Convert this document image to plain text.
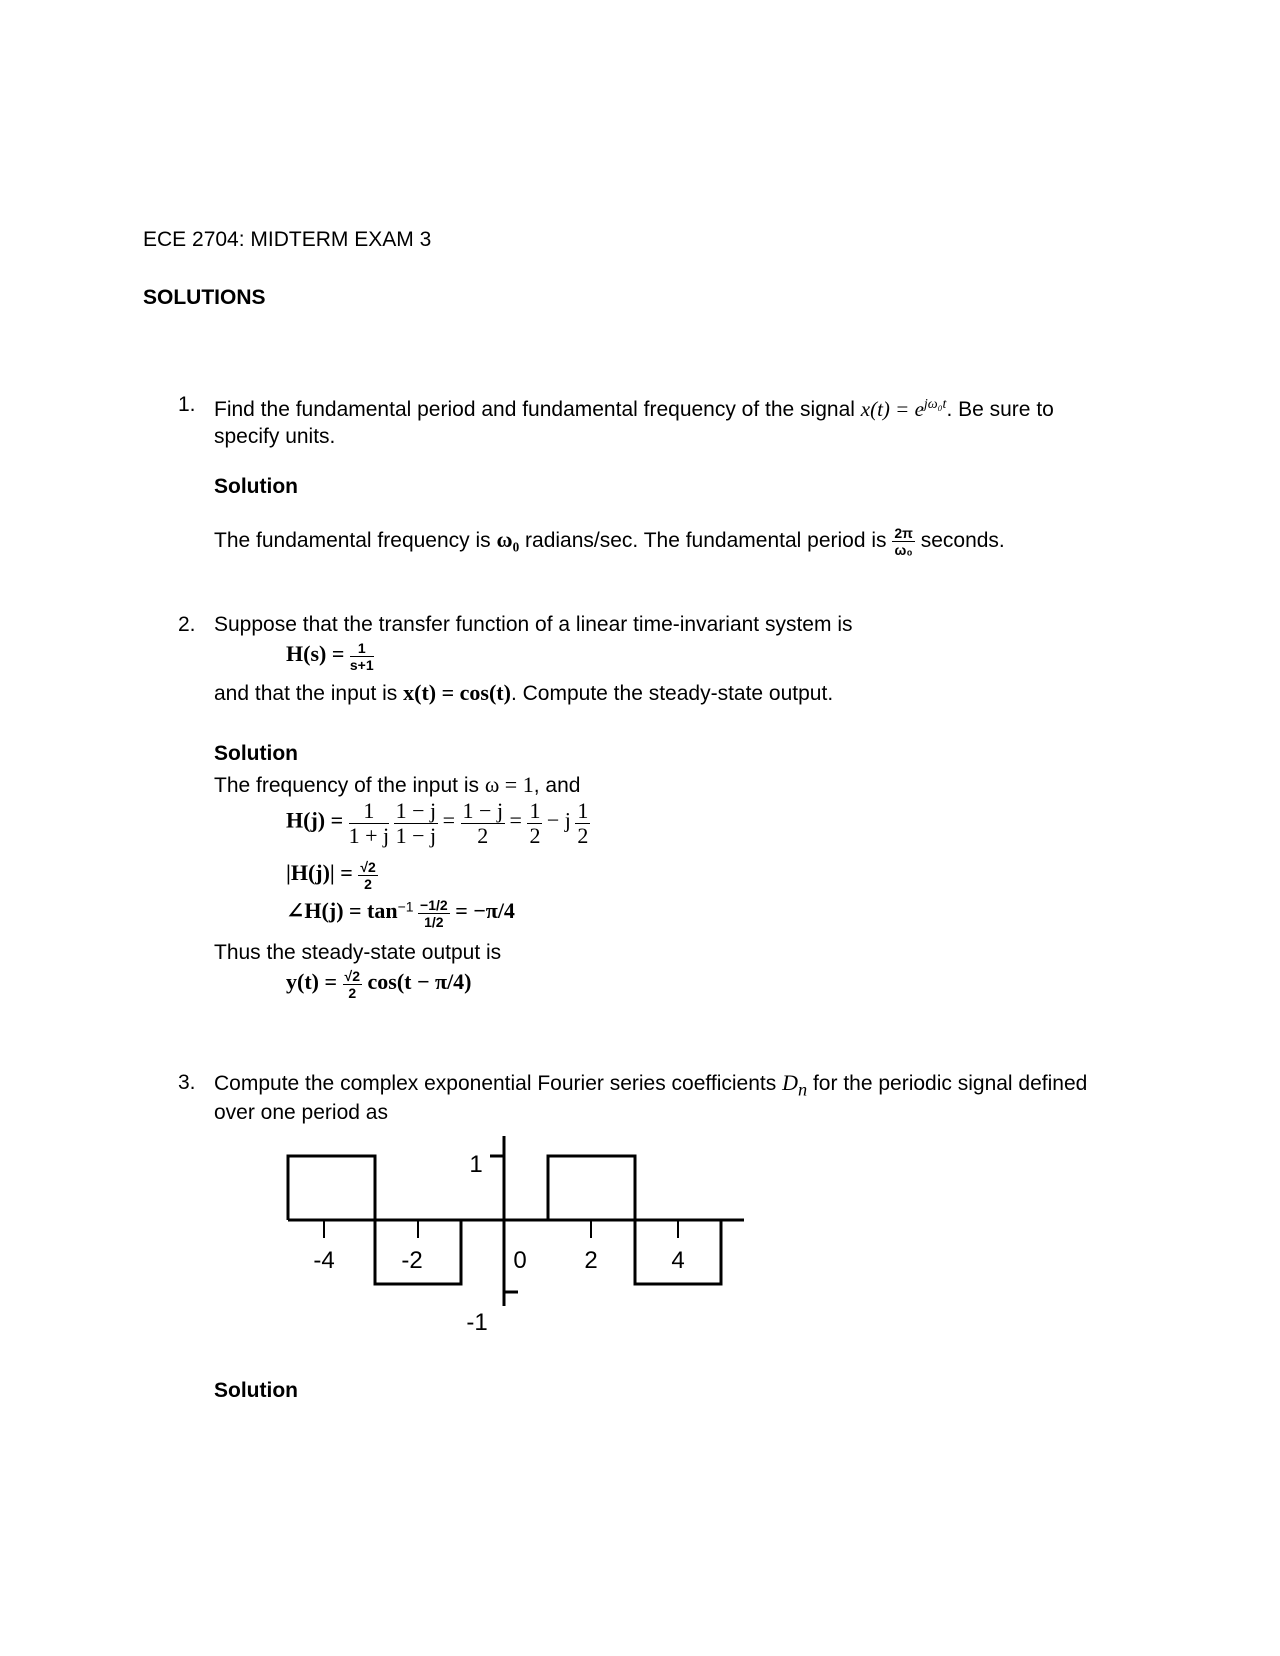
ECE 2704: MIDTERM EXAM 3
SOLUTIONS
1. Find the fundamental period and fundamental frequency of the signal $x(t) = e^{j\omega_0t}$. Be sure to
specify units.
Solution
The fundamental frequency is ω₀ radians/sec. The fundamental period is $\frac{2\pi}{\text{ω₀}}$ seconds.
2. Suppose that the transfer function of a linear time-invariant system is
$H(s) = \frac{1}{s+1}$
and that the input is x(t) = cos(t). Compute the steady-state output.
Solution
The frequency of the input is ω = 1, and
$H(j) = \frac{1}{1 + j}$
$\frac{1 - j}{1 - j} = \frac{1 - j}{2} = \frac{1}{2} - j \frac{1}{2}$
$|H(j)| = \frac{√2}{2}$
∠H(j) = $\tan^{-1} \frac{-1/2}{1/2} = -\pi/4$
Thus the steady-state output is
$y(t) = \frac{√2}{2} \cos(t - \pi/4)$
3. Compute the complex exponential Fourier series coefficients $D_n$ for the periodic signal defined
over one period as
1
-1
-4	-2	0 2	4
Solution
